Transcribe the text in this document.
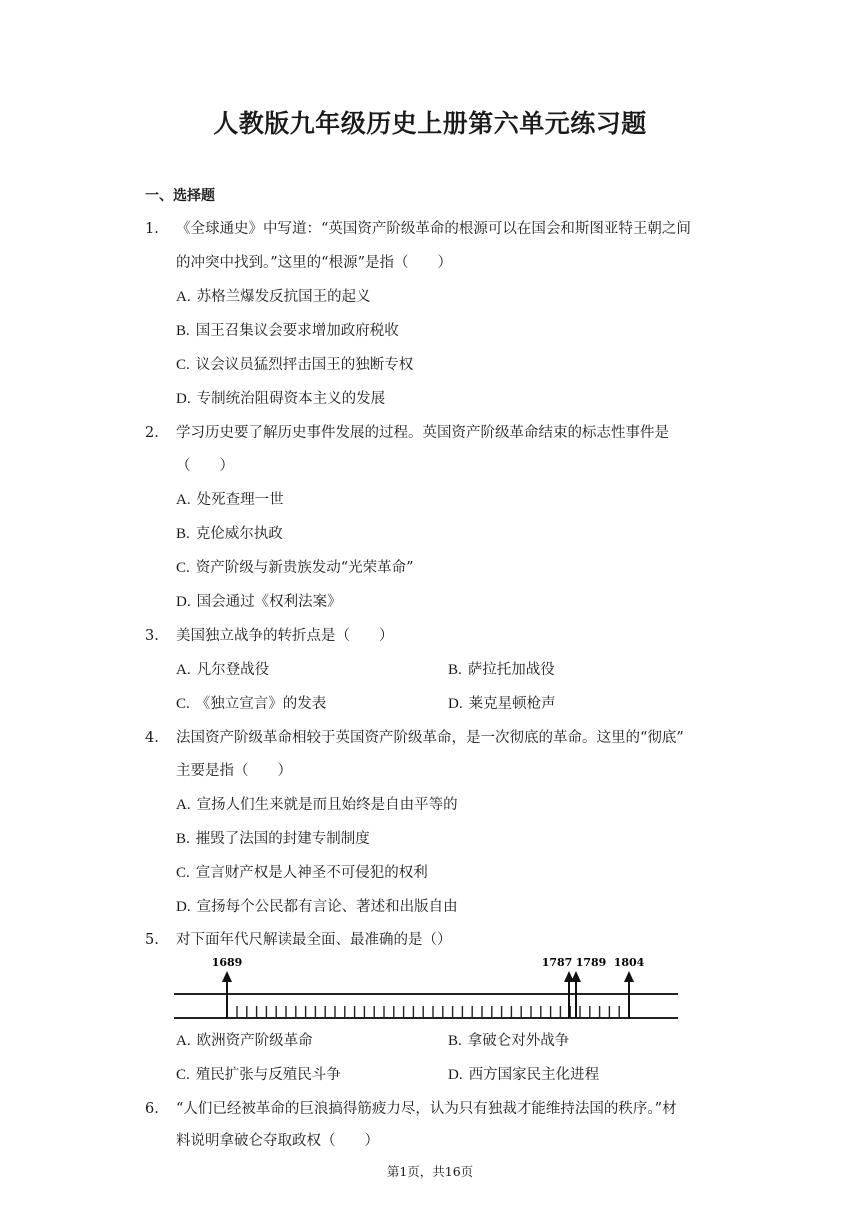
人教版九年级历史上册第六单元练习题
一、选择题
1. 《全球通史》中写道：“英国资产阶级革命的根源可以在国会和斯图亚特王朝之间
的冲突中找到。”这里的“根源”是指（　　）
A. 苏格兰爆发反抗国王的起义
B. 国王召集议会要求增加政府税收
C. 议会议员猛烈抨击国王的独断专权
D. 专制统治阻碍资本主义的发展
2. 学习历史要了解历史事件发展的过程。英国资产阶级革命结束的标志性事件是
（　　）
A. 处死查理一世
B. 克伦威尔执政
C. 资产阶级与新贵族发动“光荣革命”
D. 国会通过《权利法案》
3. 美国独立战争的转折点是（　　）
A. 凡尔登战役	B. 萨拉托加战役
C. 《独立宣言》的发表	D. 莱克星顿枪声
4. 法国资产阶级革命相较于英国资产阶级革命，是一次彻底的革命。这里的“彻底”
主要是指（　　）
A. 宣扬人们生来就是而且始终是自由平等的
B. 摧毁了法国的封建专制制度
C. 宣言财产权是人神圣不可侵犯的权利
D. 宣扬每个公民都有言论、著述和出版自由
5. 对下面年代尺解读最全面、最准确的是（）
1689	1787 1789 1804
A. 欧洲资产阶级革命	B. 拿破仑对外战争
C. 殖民扩张与反殖民斗争	D. 西方国家民主化进程
6. “人们已经被革命的巨浪搞得筋疲力尽，认为只有独裁才能维持法国的秩序。”材
料说明拿破仑夺取政权（　　）
第1页，共16页
